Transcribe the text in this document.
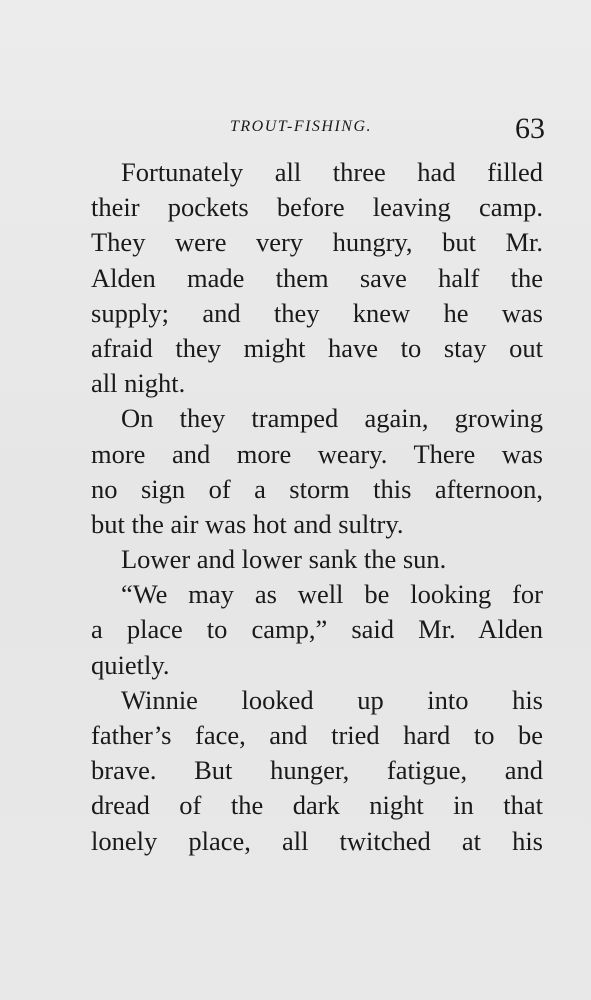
TROUT-FISHING.	63
Fortunately all three had filled
their pockets before leaving camp.
They were very hungry, but Mr.
Alden made them save half the
supply; and they knew he was
afraid they might have to stay out
all night.
On they tramped again, growing
more and more weary. There was
no sign of a storm this afternoon,
but the air was hot and sultry.
Lower and lower sank the sun.
“We may as well be looking for
a place to camp,” said Mr. Alden
quietly.
Winnie looked up into his
father’s face, and tried hard to be
brave. But hunger, fatigue, and
dread of the dark night in that
lonely place, all twitched at his
